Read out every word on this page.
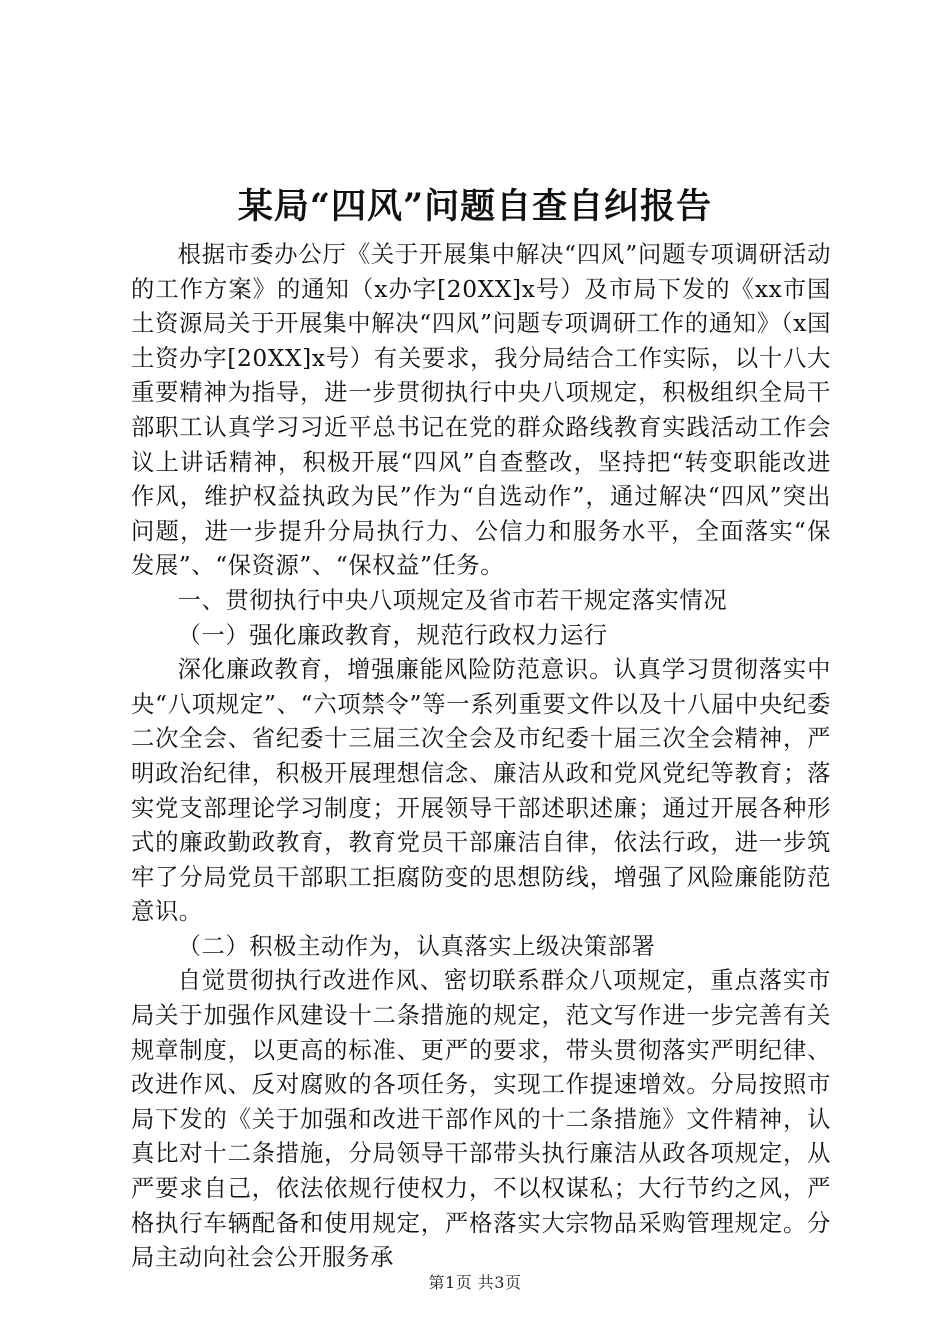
某局“四风”问题自查自纠报告

根据市委办公厅《关于开展集中解决“四风”问题专项调研活动的工作方案》的通知（x办字[20XX]x号）及市局下发的《xx市国土资源局关于开展集中解决“四风”问题专项调研工作的通知》（x国土资办字[20XX]x号）有关要求，我分局结合工作实际，以十八大重要精神为指导，进一步贯彻执行中央八项规定，积极组织全局干部职工认真学习习近平总书记在党的群众路线教育实践活动工作会议上讲话精神，积极开展“四风”自查整改，坚持把“转变职能改进作风，维护权益执政为民”作为“自选动作”，通过解决“四风”突出问题，进一步提升分局执行力、公信力和服务水平，全面落实“保发展”、“保资源”、“保权益”任务。

一、贯彻执行中央八项规定及省市若干规定落实情况

（一）强化廉政教育，规范行政权力运行

深化廉政教育，增强廉能风险防范意识。认真学习贯彻落实中央“八项规定”、“六项禁令”等一系列重要文件以及十八届中央纪委二次全会、省纪委十三届三次全会及市纪委十届三次全会精神，严明政治纪律，积极开展理想信念、廉洁从政和党风党纪等教育；落实党支部理论学习制度；开展领导干部述职述廉；通过开展各种形式的廉政勤政教育，教育党员干部廉洁自律，依法行政，进一步筑牢了分局党员干部职工拒腐防变的思想防线，增强了风险廉能防范意识。

（二）积极主动作为，认真落实上级决策部署

自觉贯彻执行改进作风、密切联系群众八项规定，重点落实市局关于加强作风建设十二条措施的规定，范文写作进一步完善有关规章制度，以更高的标准、更严的要求，带头贯彻落实严明纪律、改进作风、反对腐败的各项任务，实现工作提速增效。分局按照市局下发的《关于加强和改进干部作风的十二条措施》文件精神，认真比对十二条措施，分局领导干部带头执行廉洁从政各项规定，从严要求自己，依法依规行使权力，不以权谋私；大行节约之风，严格执行车辆配备和使用规定，严格落实大宗物品采购管理规定。分局主动向社会公开服务承

第1页 共3页
